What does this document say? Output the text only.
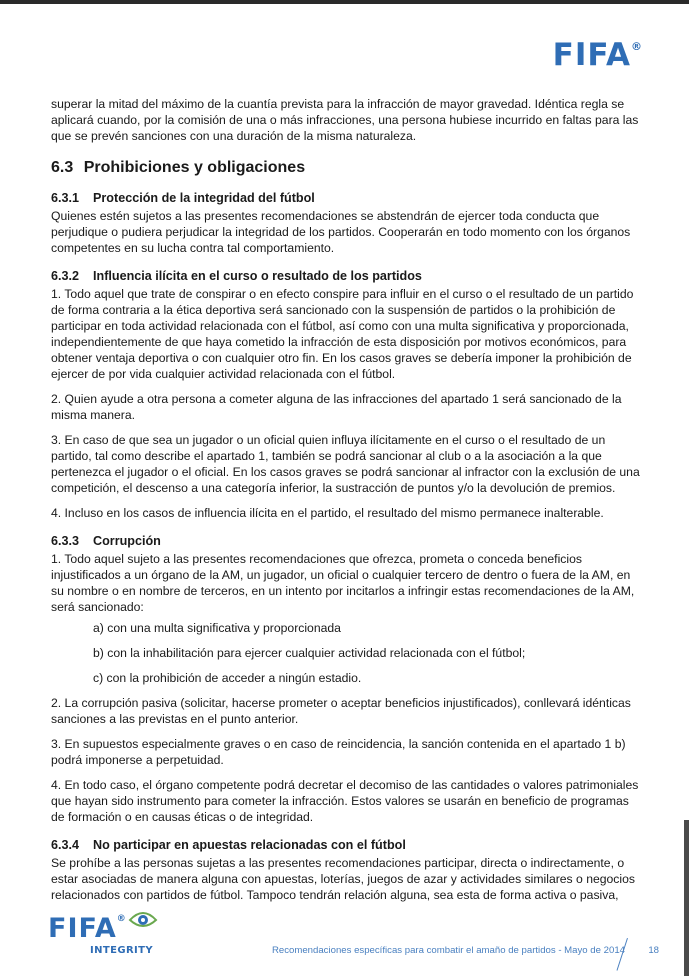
FIFA®

superar la mitad del máximo de la cuantía prevista para la infracción de mayor gravedad. Idéntica regla se aplicará cuando, por la comisión de una o más infracciones, una persona hubiese incurrido en faltas para las que se prevén sanciones con una duración de la misma naturaleza.

6.3 Prohibiciones y obligaciones
6.3.1 Protección de la integridad del fútbol

Quienes estén sujetos a las presentes recomendaciones se abstendrán de ejercer toda conducta que perjudique o pudiera perjudicar la integridad de los partidos. Cooperarán en todo momento con los órganos competentes en su lucha contra tal comportamiento.

6.3.2 Influencia ilícita en el curso o resultado de los partidos

1. Todo aquel que trate de conspirar o en efecto conspire para influir en el curso o el resultado de un partido de forma contraria a la ética deportiva será sancionado con la suspensión de partidos o la prohibición de participar en toda actividad relacionada con el fútbol, así como con una multa significativa y proporcionada, independientemente de que haya cometido la infracción de esta disposición por motivos económicos, para obtener ventaja deportiva o con cualquier otro fin. En los casos graves se debería imponer la prohibición de ejercer de por vida cualquier actividad relacionada con el fútbol.

2. Quien ayude a otra persona a cometer alguna de las infracciones del apartado 1 será sancionado de la misma manera.

3. En caso de que sea un jugador o un oficial quien influya ilícitamente en el curso o el resultado de un partido, tal como describe el apartado 1, también se podrá sancionar al club o a la asociación a la que pertenezca el jugador o el oficial. En los casos graves se podrá sancionar al infractor con la exclusión de una competición, el descenso a una categoría inferior, la sustracción de puntos y/o la devolución de premios.

4. Incluso en los casos de influencia ilícita en el partido, el resultado del mismo permanece inalterable.

6.3.3 Corrupción

1. Todo aquel sujeto a las presentes recomendaciones que ofrezca, prometa o conceda beneficios injustificados a un órgano de la AM, un jugador, un oficial o cualquier tercero de dentro o fuera de la AM, en su nombre o en nombre de terceros, en un intento por incitarlos a infringir estas recomendaciones de la AM, será sancionado:

a) con una multa significativa y proporcionada

b) con la inhabilitación para ejercer cualquier actividad relacionada con el fútbol;

c) con la prohibición de acceder a ningún estadio.

2. La corrupción pasiva (solicitar, hacerse prometer o aceptar beneficios injustificados), conllevará idénticas sanciones a las previstas en el punto anterior.

3. En supuestos especialmente graves o en caso de reincidencia, la sanción contenida en el apartado 1 b) podrá imponerse a perpetuidad.

4. En todo caso, el órgano competente podrá decretar el decomiso de las cantidades o valores patrimoniales que hayan sido instrumento para cometer la infracción. Estos valores se usarán en beneficio de programas de formación o en causas éticas o de integridad.

6.3.4 No participar en apuestas relacionadas con el fútbol

Se prohíbe a las personas sujetas a las presentes recomendaciones participar, directa o indirectamente, o estar asociadas de manera alguna con apuestas, loterías, juegos de azar y actividades similares o negocios relacionados con partidos de fútbol. Tampoco tendrán relación alguna, sea esta de forma activa o pasiva,

FIFA®
INTEGRITY	Recomendaciones específicas para combatir el amaño de partidos - Mayo de 2014 18
